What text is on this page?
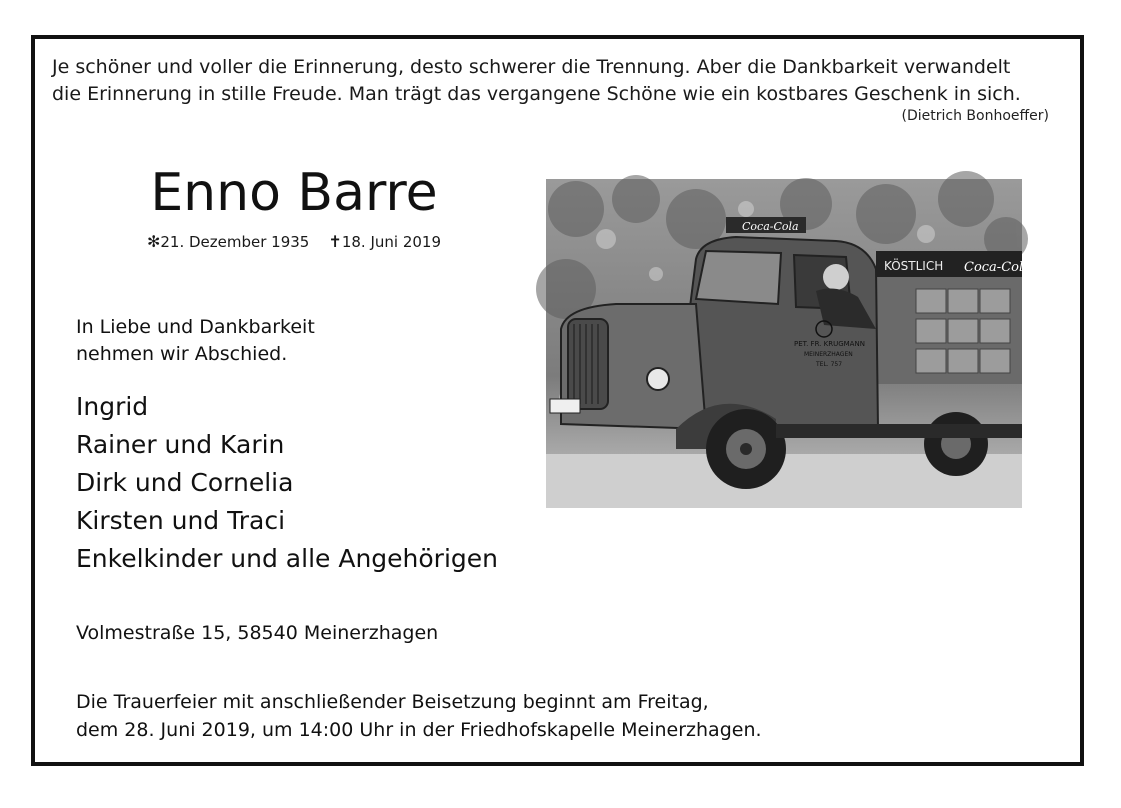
Je schöner und voller die Erinnerung, desto schwerer die Trennung. Aber die Dankbarkeit verwandelt
die Erinnerung in stille Freude. Man trägt das vergangene Schöne wie ein kostbares Geschenk in sich.
(Dietrich Bonhoeffer)
Enno Barre
✻21. Dezember 1935 ✝18. Juni 2019
In Liebe und Dankbarkeit
nehmen wir Abschied.
Ingrid
Rainer und Karin
Dirk und Cornelia
Kirsten und Traci
Enkelkinder und alle Angehörigen
Volmestraße 15, 58540 Meinerzhagen
Die Trauerfeier mit anschließender Beisetzung beginnt am Freitag,
dem 28. Juni 2019, um 14:00 Uhr in der Friedhofskapelle Meinerzhagen.
KÖSTLICH Coca-Cola
Coca-Cola
PET. FR. KRUGMANN
MEINERZHAGEN
TEL. 757
